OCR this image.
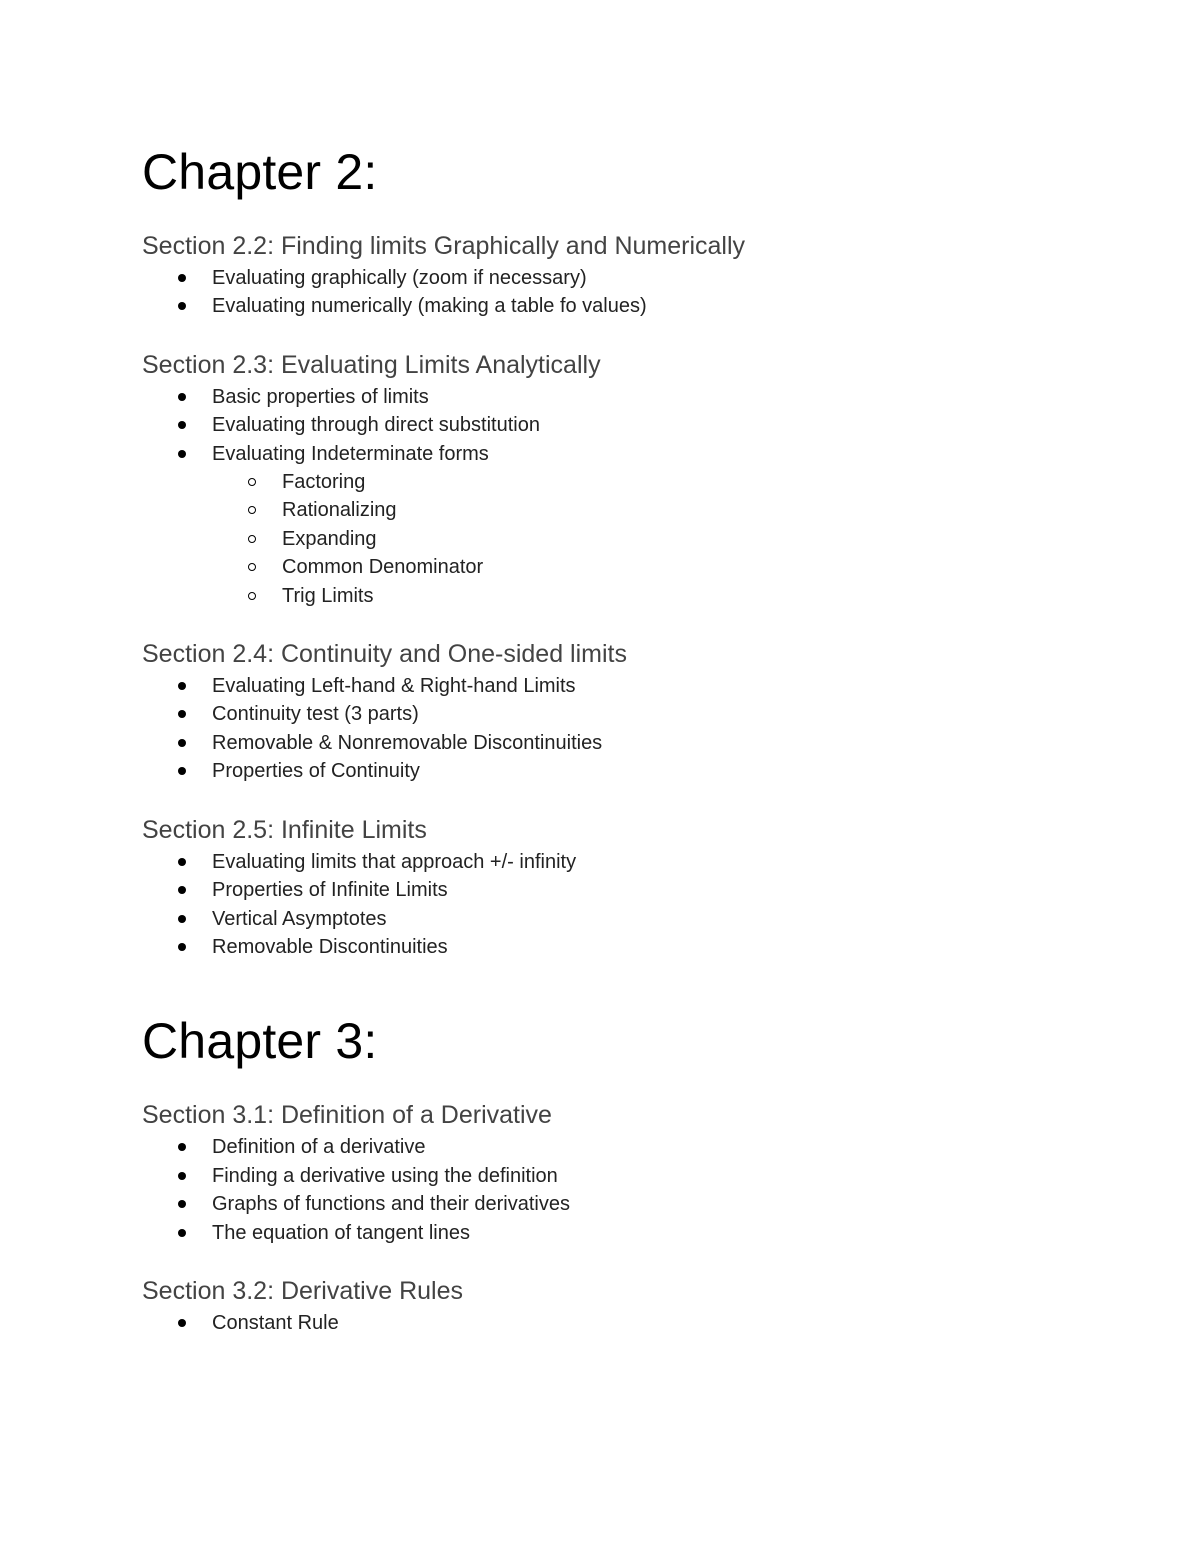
Chapter 2:
Section 2.2: Finding limits Graphically and Numerically
Evaluating graphically (zoom if necessary)
Evaluating numerically (making a table fo values)
Section 2.3: Evaluating Limits Analytically
Basic properties of limits
Evaluating through direct substitution
Evaluating Indeterminate forms
Factoring
Rationalizing
Expanding
Common Denominator
Trig Limits
Section 2.4: Continuity and One-sided limits
Evaluating Left-hand & Right-hand Limits
Continuity test (3 parts)
Removable & Nonremovable Discontinuities
Properties of Continuity
Section 2.5: Infinite Limits
Evaluating limits that approach +/- infinity
Properties of Infinite Limits
Vertical Asymptotes
Removable Discontinuities
Chapter 3:
Section 3.1: Definition of a Derivative
Definition of a derivative
Finding a derivative using the definition
Graphs of functions and their derivatives
The equation of tangent lines
Section 3.2: Derivative Rules
Constant Rule
